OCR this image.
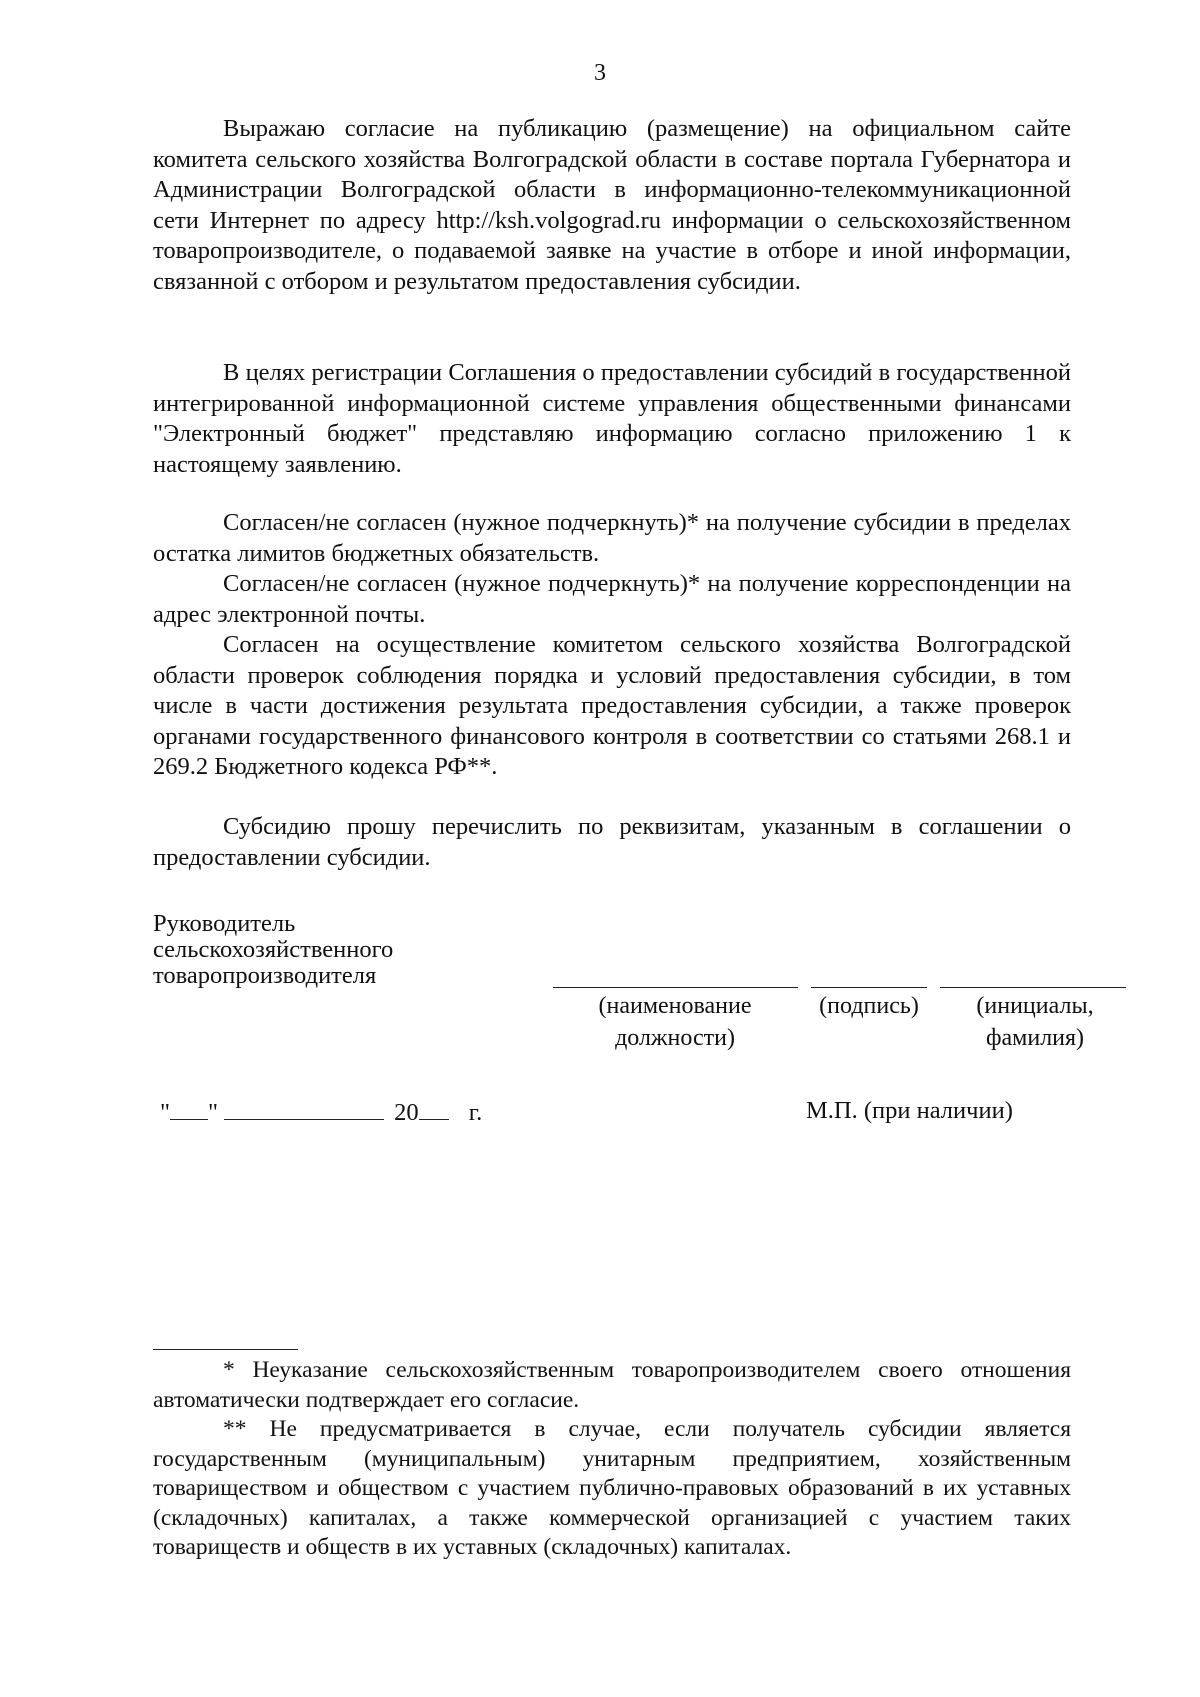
3

Выражаю согласие на публикацию (размещение) на официальном сайте комитета сельского хозяйства Волгоградской области в составе портала Губернатора и Администрации Волгоградской области в информационно-телекоммуникационной сети Интернет по адресу http://ksh.volgograd.ru информации о сельскохозяйственном товаропроизводителе, о подаваемой заявке на участие в отборе и иной информации, связанной с отбором и результатом предоставления субсидии.

В целях регистрации Соглашения о предоставлении субсидий в государственной интегрированной информационной системе управления общественными финансами "Электронный бюджет" представляю информацию согласно приложению 1 к настоящему заявлению.

Согласен/не согласен (нужное подчеркнуть)* на получение субсидии в пределах остатка лимитов бюджетных обязательств.

Согласен/не согласен (нужное подчеркнуть)* на получение корреспонденции на адрес электронной почты.

Согласен на осуществление комитетом сельского хозяйства Волгоградской области проверок соблюдения порядка и условий предоставления субсидии, в том числе в части достижения результата предоставления субсидии, а также проверок органами государственного финансового контроля в соответствии со статьями 268.1 и 269.2 Бюджетного кодекса РФ**.

Субсидию прошу перечислить по реквизитам, указанным в соглашении о предоставлении субсидии.

Руководитель
сельскохозяйственного
товаропроизводителя
(наименование
должности)
(подпись)	(инициалы,
фамилия)
" "	20 г.	М.П. (при наличии)

* Неуказание сельскохозяйственным товаропроизводителем своего отношения автоматически подтверждает его согласие.

** Не предусматривается в случае, если получатель субсидии является государственным (муниципальным) унитарным предприятием, хозяйственным товариществом и обществом с участием публично-правовых образований в их уставных (складочных) капиталах, а также коммерческой организацией с участием таких товариществ и обществ в их уставных (складочных) капиталах.
